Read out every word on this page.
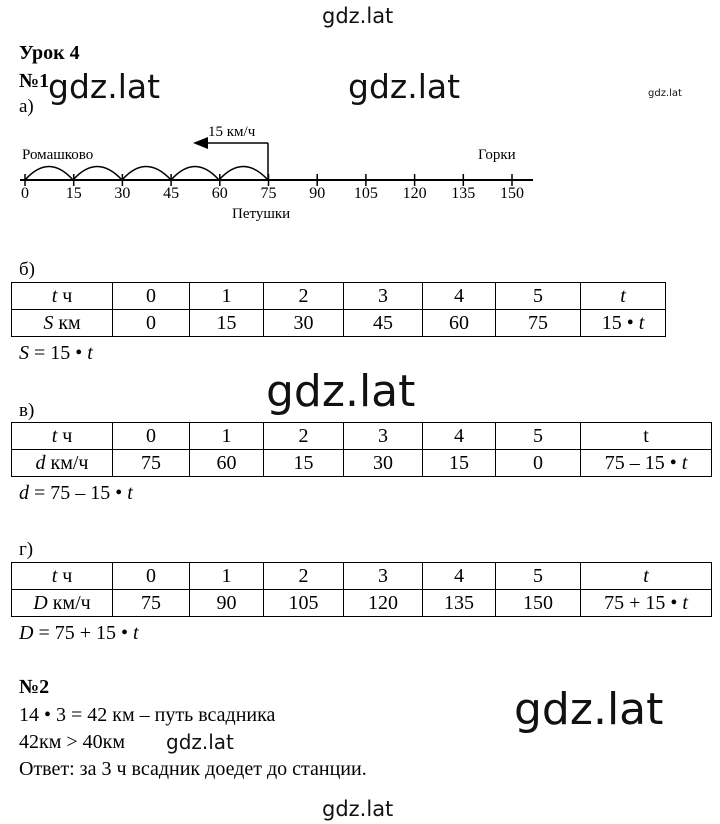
gdz.lat
gdz.lat	gdz.lat	gdz.lat
gdz.lat
gdz.lat
gdz.lat
Урок 4
№1
а)
15 км/ч
Ромашково	Горки
Петушки
0 15 30 45 60 75 90 105 120 135 150
б)
t ч	0	1	2	3	4	5	t
S км	0	15	30	45	60	75	15 • t
S = 15 • t
в)
t ч	0	1	2	3	4	5	t
d км/ч	75	60	15	30	15	0	75 – 15 • t
d = 75 – 15 • t
г)
t ч	0	1	2	3	4	5	t
D км/ч	75	90	105	120	135	150	75 + 15 • t
D = 75 + 15 • t
№2
14 • 3 = 42 км – путь всадника
42км > 40км gdz.lat
Ответ: за 3 ч всадник доедет до станции.
